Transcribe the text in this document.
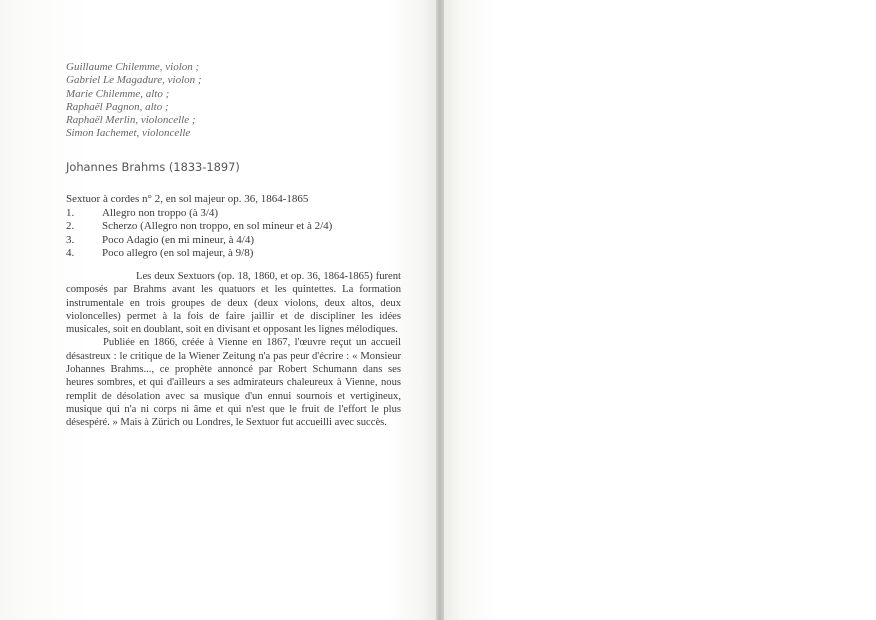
Guillaume Chilemme, violon ;
Gabriel Le Magadure, violon ;
Marie Chilemme, alto ;
Raphaël Pagnon, alto ;
Raphaël Merlin, violoncelle ;
Simon Iachemet, violoncelle
Johannes Brahms (1833-1897)
Sextuor à cordes n° 2, en sol majeur op. 36, 1864-1865
1.	Allegro non troppo (à 3/4)
2.	Scherzo (Allegro non troppo, en sol mineur et à 2/4)
3.	Poco Adagio (en mi mineur, à 4/4)
4.	Poco allegro (en sol majeur, à 9/8)

Les deux Sextuors (op. 18, 1860, et op. 36, 1864-1865) furent composés par Brahms avant les quatuors et les quintettes. La formation instrumentale en trois groupes de deux (deux violons, deux altos, deux violoncelles) permet à la fois de faire jaillir et de discipliner les idées musicales, soit en doublant, soit en divisant et opposant les lignes mélodiques.

Publiée en 1866, créée à Vienne en 1867, l'œuvre reçut un accueil désastreux : le critique de la Wiener Zeitung n'a pas peur d'écrire : « Monsieur Johannes Brahms..., ce prophète annoncé par Robert Schumann dans ses heures sombres, et qui d'ailleurs a ses admirateurs chaleureux à Vienne, nous remplit de désolation avec sa musique d'un ennui sournois et vertigineux, musique qui n'a ni corps ni âme et qui n'est que le fruit de l'effort le plus désespéré. » Mais à Zürich ou Londres, le Sextuor fut accueilli avec succès.
